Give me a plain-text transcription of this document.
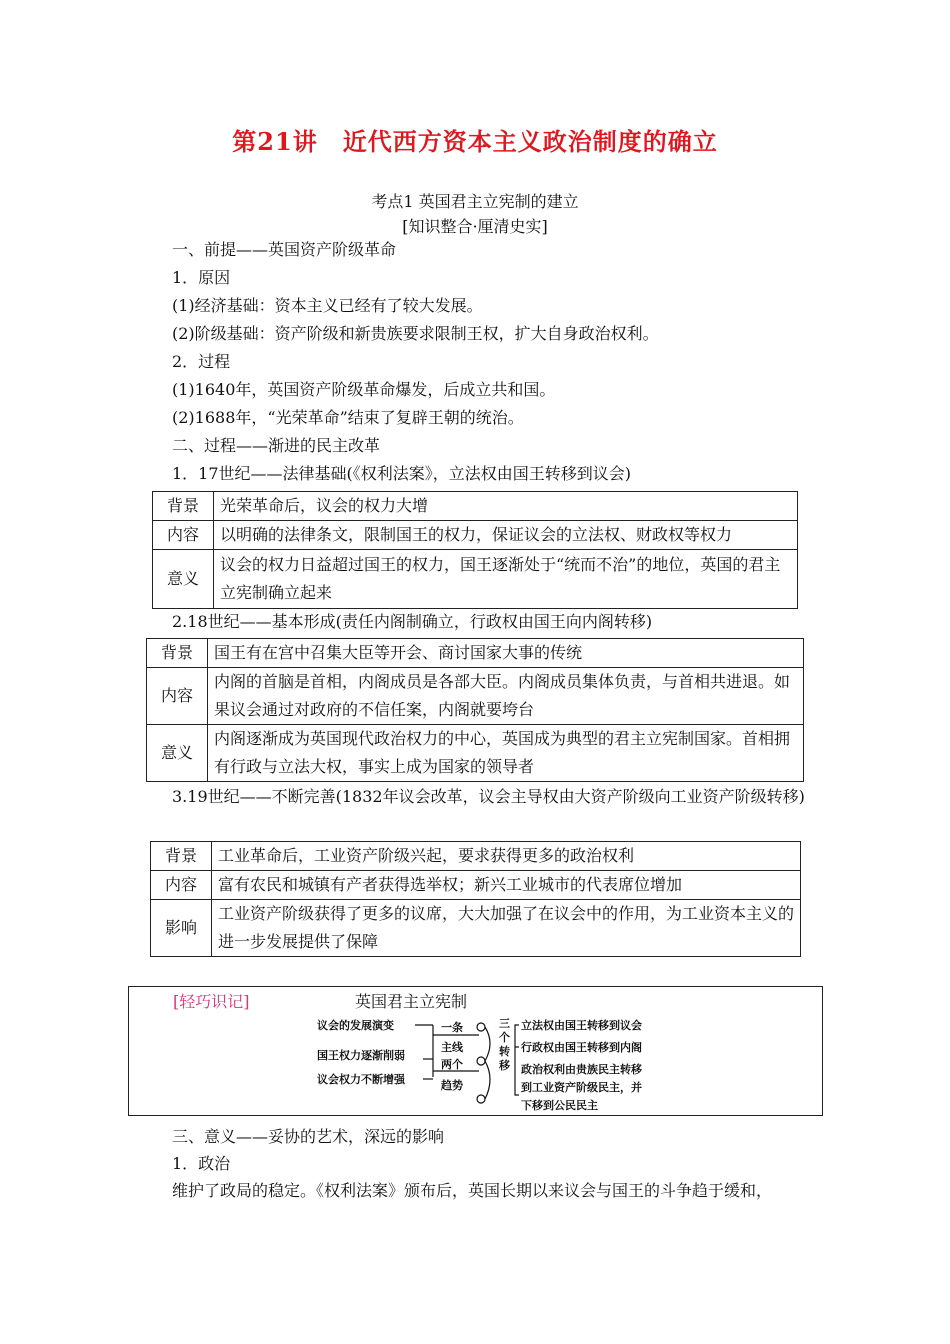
第21讲　近代西方资本主义政治制度的确立
考点1 英国君主立宪制的建立
[知识整合·厘清史实]
一、前提——英国资产阶级革命
1．原因
(1)经济基础：资本主义已经有了较大发展。
(2)阶级基础：资产阶级和新贵族要求限制王权，扩大自身政治权利。
2．过程
(1)1640年，英国资产阶级革命爆发，后成立共和国。
(2)1688年，“光荣革命”结束了复辟王朝的统治。
二、过程——渐进的民主改革
1．17世纪——法律基础(《权利法案》，立法权由国王转移到议会)
背景	光荣革命后，议会的权力大增
内容	以明确的法律条文，限制国王的权力，保证议会的立法权、财政权等权力
意义	议会的权力日益超过国王的权力，国王逐渐处于“统而不治”的地位，英国的君主立宪制确立起来
2.18世纪——基本形成(责任内阁制确立，行政权由国王向内阁转移)
背景	国王有在宫中召集大臣等开会、商讨国家大事的传统
内容	内阁的首脑是首相，内阁成员是各部大臣。内阁成员集体负责，与首相共进退。如果议会通过对政府的不信任案，内阁就要垮台
意义	内阁逐渐成为英国现代政治权力的中心，英国成为典型的君主立宪制国家。首相拥有行政与立法大权，事实上成为国家的领导者
3.19世纪——不断完善(1832年议会改革，议会主导权由大资产阶级向工业资产阶级转移)
背景	工业革命后，工业资产阶级兴起，要求获得更多的政治权利
内容	富有农民和城镇有产者获得选举权；新兴工业城市的代表席位增加
影响	工业资产阶级获得了更多的议席，大大加强了在议会中的作用，为工业资本主义的进一步发展提供了保障
[轻巧识记]	英国君主立宪制
议会的发展演变
国王权力逐渐削弱
议会权力不断增强
一条
主线
两个
趋势
三
个
转
移
立法权由国王转移到议会
行政权由国王转移到内阁
政治权利由贵族民主转移
到工业资产阶级民主，并
下移到公民民主
三、意义——妥协的艺术，深远的影响
1．政治
维护了政局的稳定。《权利法案》颁布后，英国长期以来议会与国王的斗争趋于缓和，
